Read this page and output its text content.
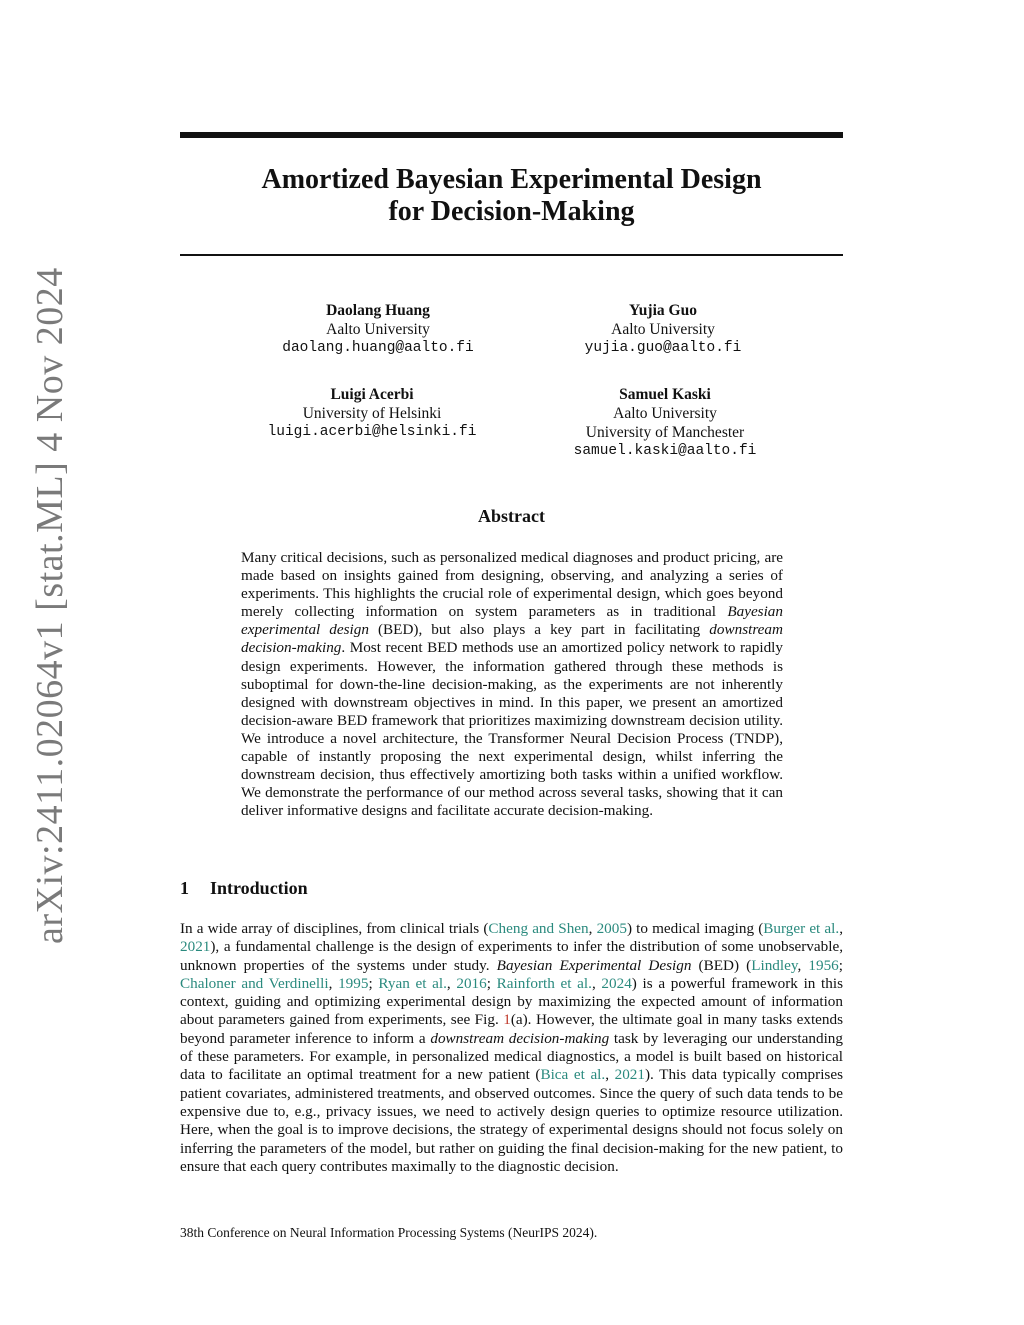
arXiv:2411.02064v1 [stat.ML] 4 Nov 2024
Amortized Bayesian Experimental Design
for Decision-Making
Daolang Huang
Aalto University
daolang.huang@aalto.fi
Yujia Guo
Aalto University
yujia.guo@aalto.fi
Luigi Acerbi
University of Helsinki
luigi.acerbi@helsinki.fi
Samuel Kaski
Aalto University
University of Manchester
samuel.kaski@aalto.fi
Abstract
Many critical decisions, such as personalized medical diagnoses and product pricing, are made based on insights gained from designing, observing, and analyzing a series of experiments. This highlights the crucial role of experimental design, which goes beyond merely collecting information on system parameters as in traditional Bayesian experimental design (BED), but also plays a key part in facilitating downstream decision-making. Most recent BED methods use an amortized policy network to rapidly design experiments. However, the information gathered through these methods is suboptimal for down-the-line decision-making, as the experiments are not inherently designed with downstream objectives in mind. In this paper, we present an amortized decision-aware BED framework that prioritizes maximizing downstream decision utility. We introduce a novel architecture, the Transformer Neural Decision Process (TNDP), capable of instantly proposing the next experimental design, whilst inferring the downstream decision, thus effectively amortizing both tasks within a unified workflow. We demonstrate the performance of our method across several tasks, showing that it can deliver informative designs and facilitate accurate decision-making.
1 Introduction
In a wide array of disciplines, from clinical trials (Cheng and Shen, 2005) to medical imaging (Burger et al., 2021), a fundamental challenge is the design of experiments to infer the distribution of some unobservable, unknown properties of the systems under study. Bayesian Experimental Design (BED) (Lindley, 1956; Chaloner and Verdinelli, 1995; Ryan et al., 2016; Rainforth et al., 2024) is a powerful framework in this context, guiding and optimizing experimental design by maximizing the expected amount of information about parameters gained from experiments, see Fig. 1(a). However, the ultimate goal in many tasks extends beyond parameter inference to inform a downstream decision-making task by leveraging our understanding of these parameters. For example, in personalized medical diagnostics, a model is built based on historical data to facilitate an optimal treatment for a new patient (Bica et al., 2021). This data typically comprises patient covariates, administered treatments, and observed outcomes. Since the query of such data tends to be expensive due to, e.g., privacy issues, we need to actively design queries to optimize resource utilization. Here, when the goal is to improve decisions, the strategy of experimental designs should not focus solely on inferring the parameters of the model, but rather on guiding the final decision-making for the new patient, to ensure that each query contributes maximally to the diagnostic decision.
38th Conference on Neural Information Processing Systems (NeurIPS 2024).
